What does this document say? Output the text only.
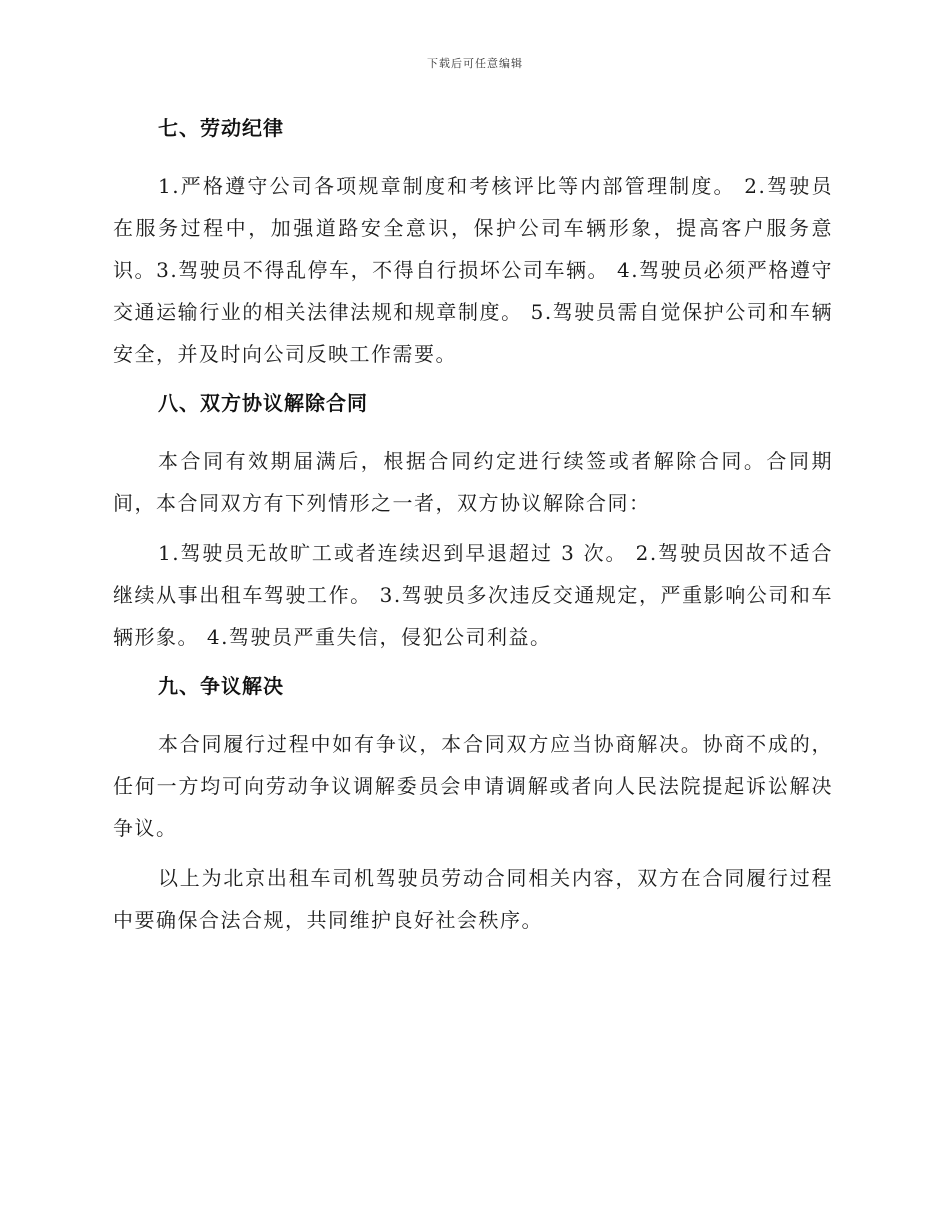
下载后可任意编辑
七、劳动纪律

1.严格遵守公司各项规章制度和考核评比等内部管理制度。 2.驾驶员在服务过程中，加强道路安全意识，保护公司车辆形象，提高客户服务意识。3.驾驶员不得乱停车，不得自行损坏公司车辆。 4.驾驶员必须严格遵守交通运输行业的相关法律法规和规章制度。 5.驾驶员需自觉保护公司和车辆安全，并及时向公司反映工作需要。

八、双方协议解除合同

本合同有效期届满后，根据合同约定进行续签或者解除合同。合同期间，本合同双方有下列情形之一者，双方协议解除合同：

1.驾驶员无故旷工或者连续迟到早退超过 3 次。 2.驾驶员因故不适合继续从事出租车驾驶工作。 3.驾驶员多次违反交通规定，严重影响公司和车辆形象。 4.驾驶员严重失信，侵犯公司利益。

九、争议解决

本合同履行过程中如有争议，本合同双方应当协商解决。协商不成的，任何一方均可向劳动争议调解委员会申请调解或者向人民法院提起诉讼解决争议。

以上为北京出租车司机驾驶员劳动合同相关内容，双方在合同履行过程中要确保合法合规，共同维护良好社会秩序。
